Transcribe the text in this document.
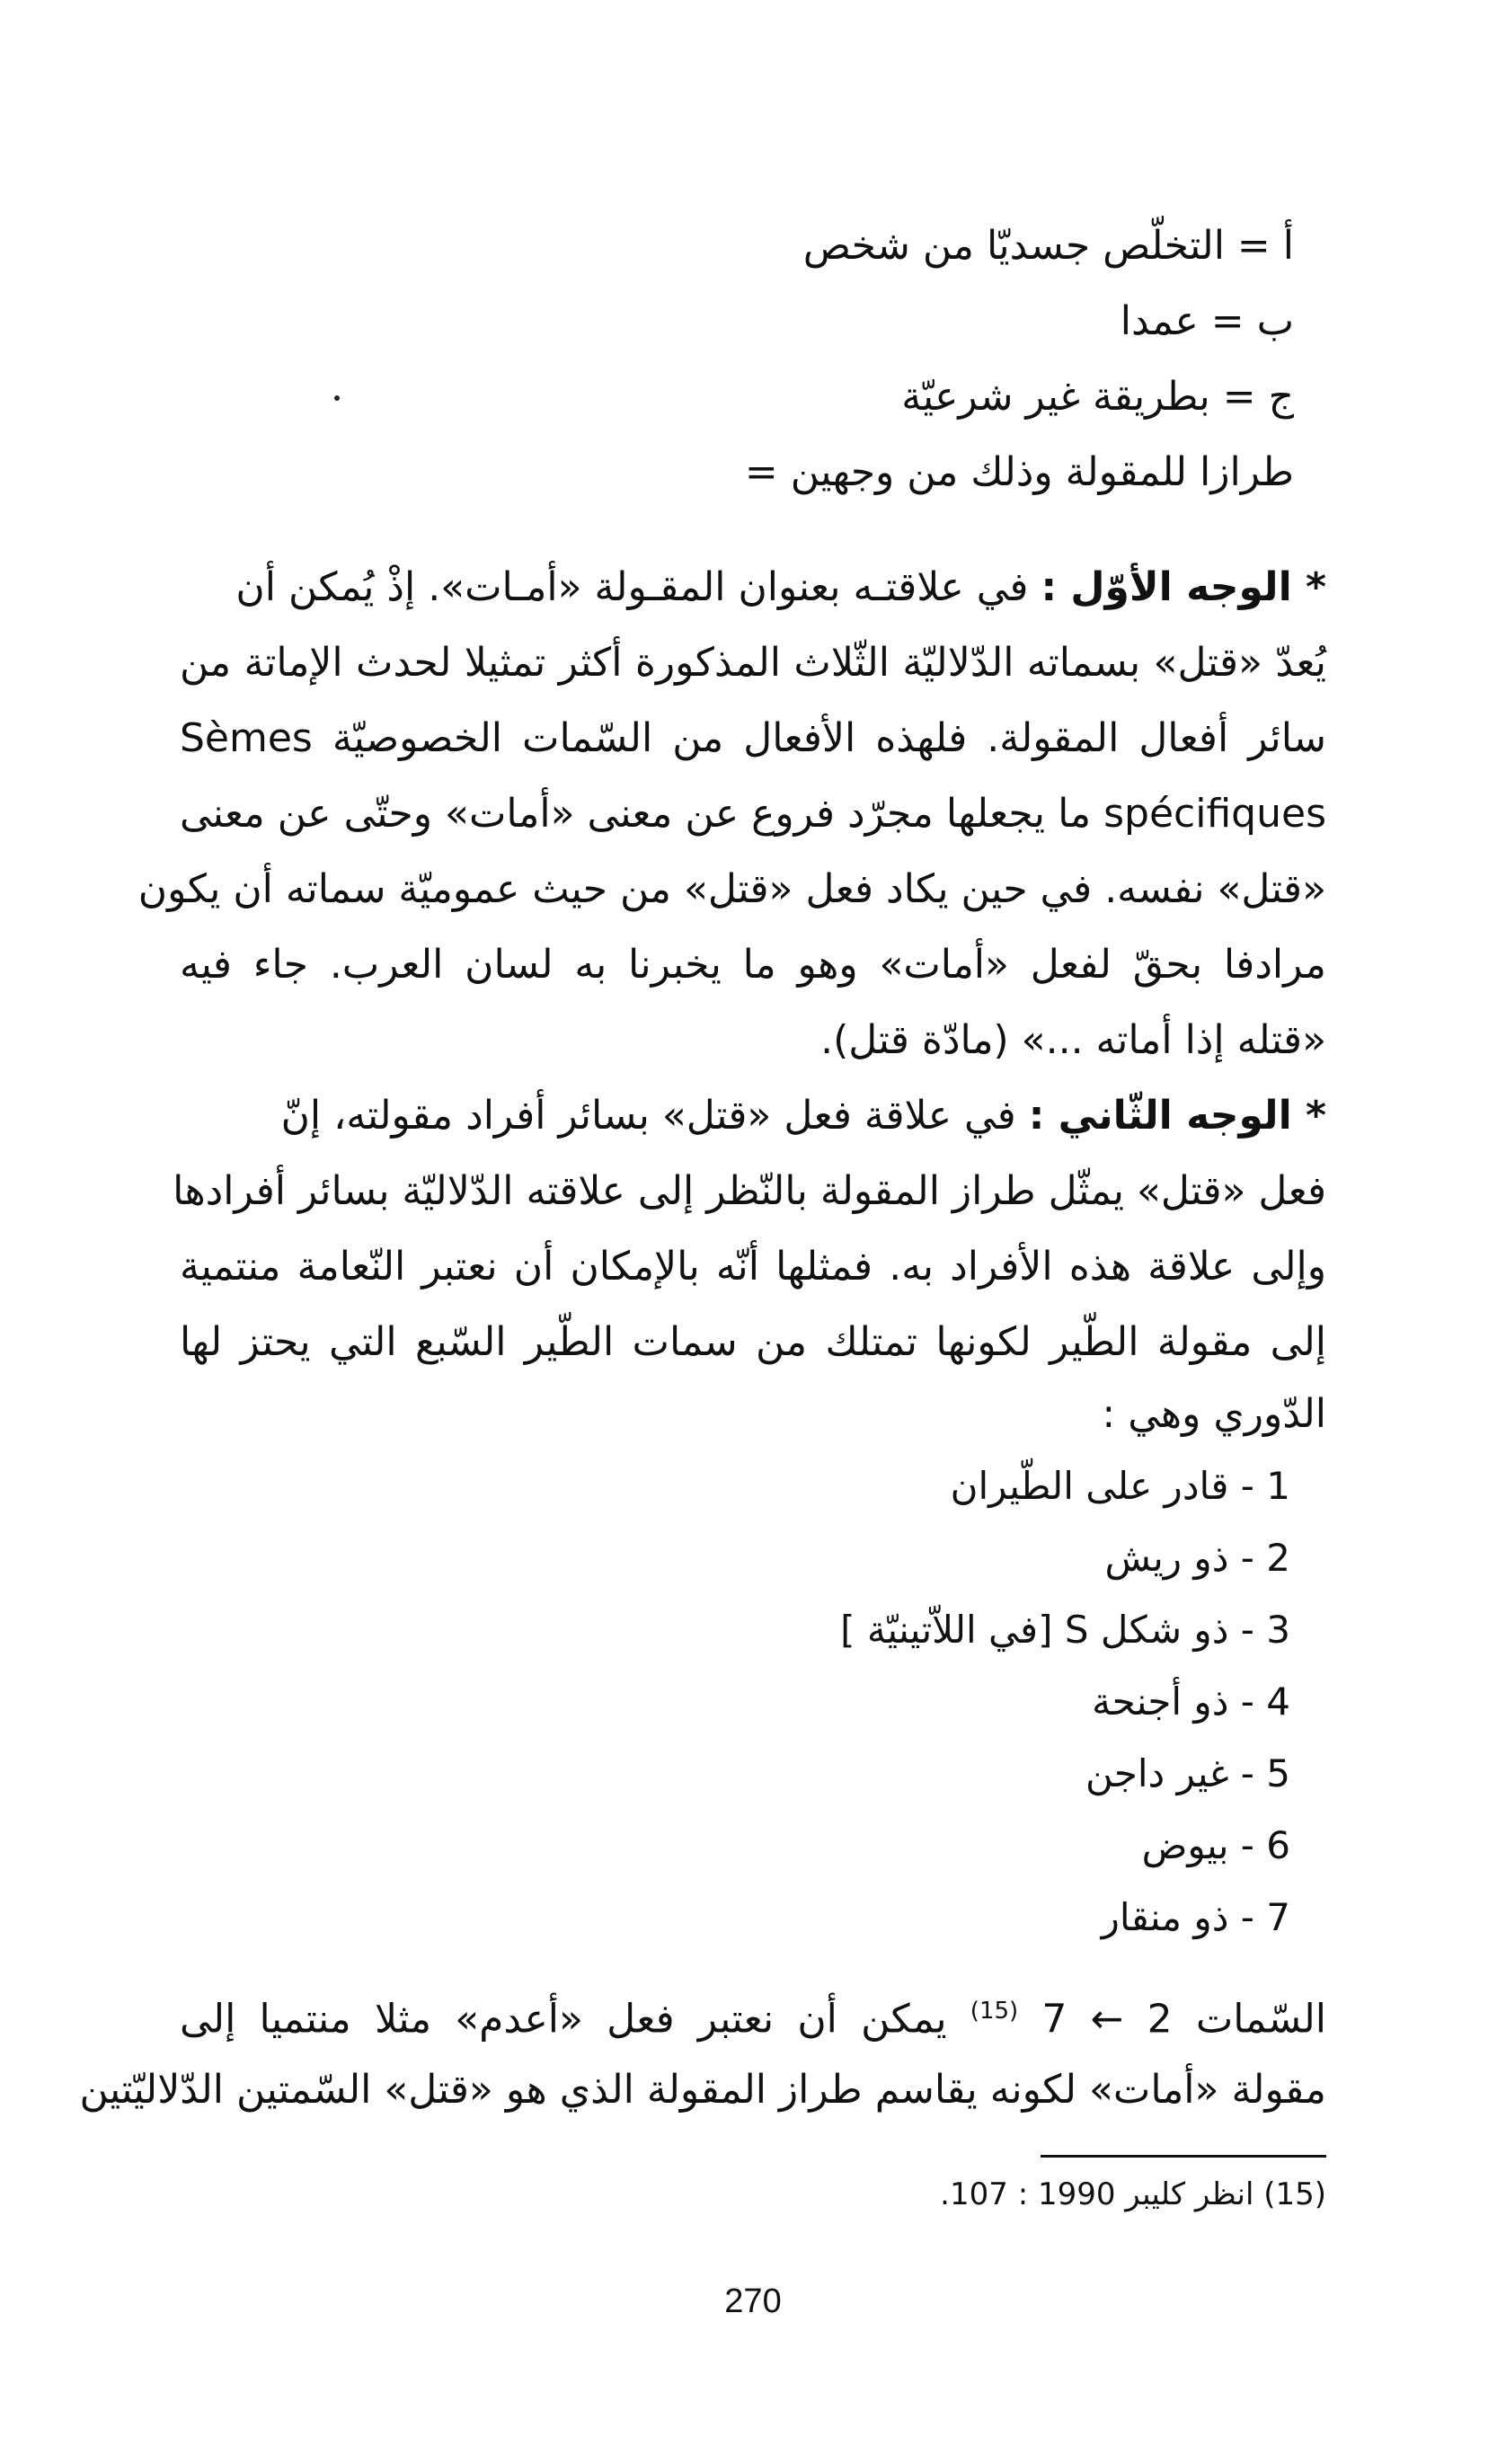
أ = التخلّص جسديّا من شخص
ب = عمدا
ج = بطريقة غير شرعيّة
طرازا للمقولة وذلك من وجهين =
* الوجه الأوّل : في علاقتـه بعنوان المقـولة «أمـات». إذْ يُمكن أن
يُعدّ «قتل» بسماته الدّلاليّة الثّلاث المذكورة أكثر تمثيلا لحدث الإماتة من
سائر أفعال المقولة. فلهذه الأفعال من السّمات الخصوصيّة Sèmes
spécifiques ما يجعلها مجرّد فروع عن معنى «أمات» وحتّى عن معنى
«قتل» نفسه. في حين يكاد فعل «قتل» من حيث عموميّة سماته أن يكون
مرادفا بحقّ لفعل «أمات» وهو ما يخبرنا به لسان العرب. جاء فيه
«قتله إذا أماته ...» (مادّة قتل).
* الوجه الثّاني : في علاقة فعل «قتل» بسائر أفراد مقولته، إنّ
فعل «قتل» يمثّل طراز المقولة بالنّظر إلى علاقته الدّلاليّة بسائر أفرادها
وإلى علاقة هذه الأفراد به. فمثلها أنّه بالإمكان أن نعتبر النّعامة منتمية
إلى مقولة الطّير لكونها تمتلك من سمات الطّير السّبع التي يحتز لها
الدّوري وهي :
1 - قادر على الطّيران
2 - ذو ريش
3 - ذو شكل S [في اللاّتينيّة ]
4 - ذو أجنحة
5 - غير داجن
6 - بيوض
7 - ذو منقار
السّمات 2 ← 7 $^{(15)}$ يمكن أن نعتبر فعل «أعدم» مثلا منتميا إلى
مقولة «أمات» لكونه يقاسم طراز المقولة الذي هو «قتل» السّمتين الدّلاليّتين
(15) انظر كليبر 1990 : 107.
270
